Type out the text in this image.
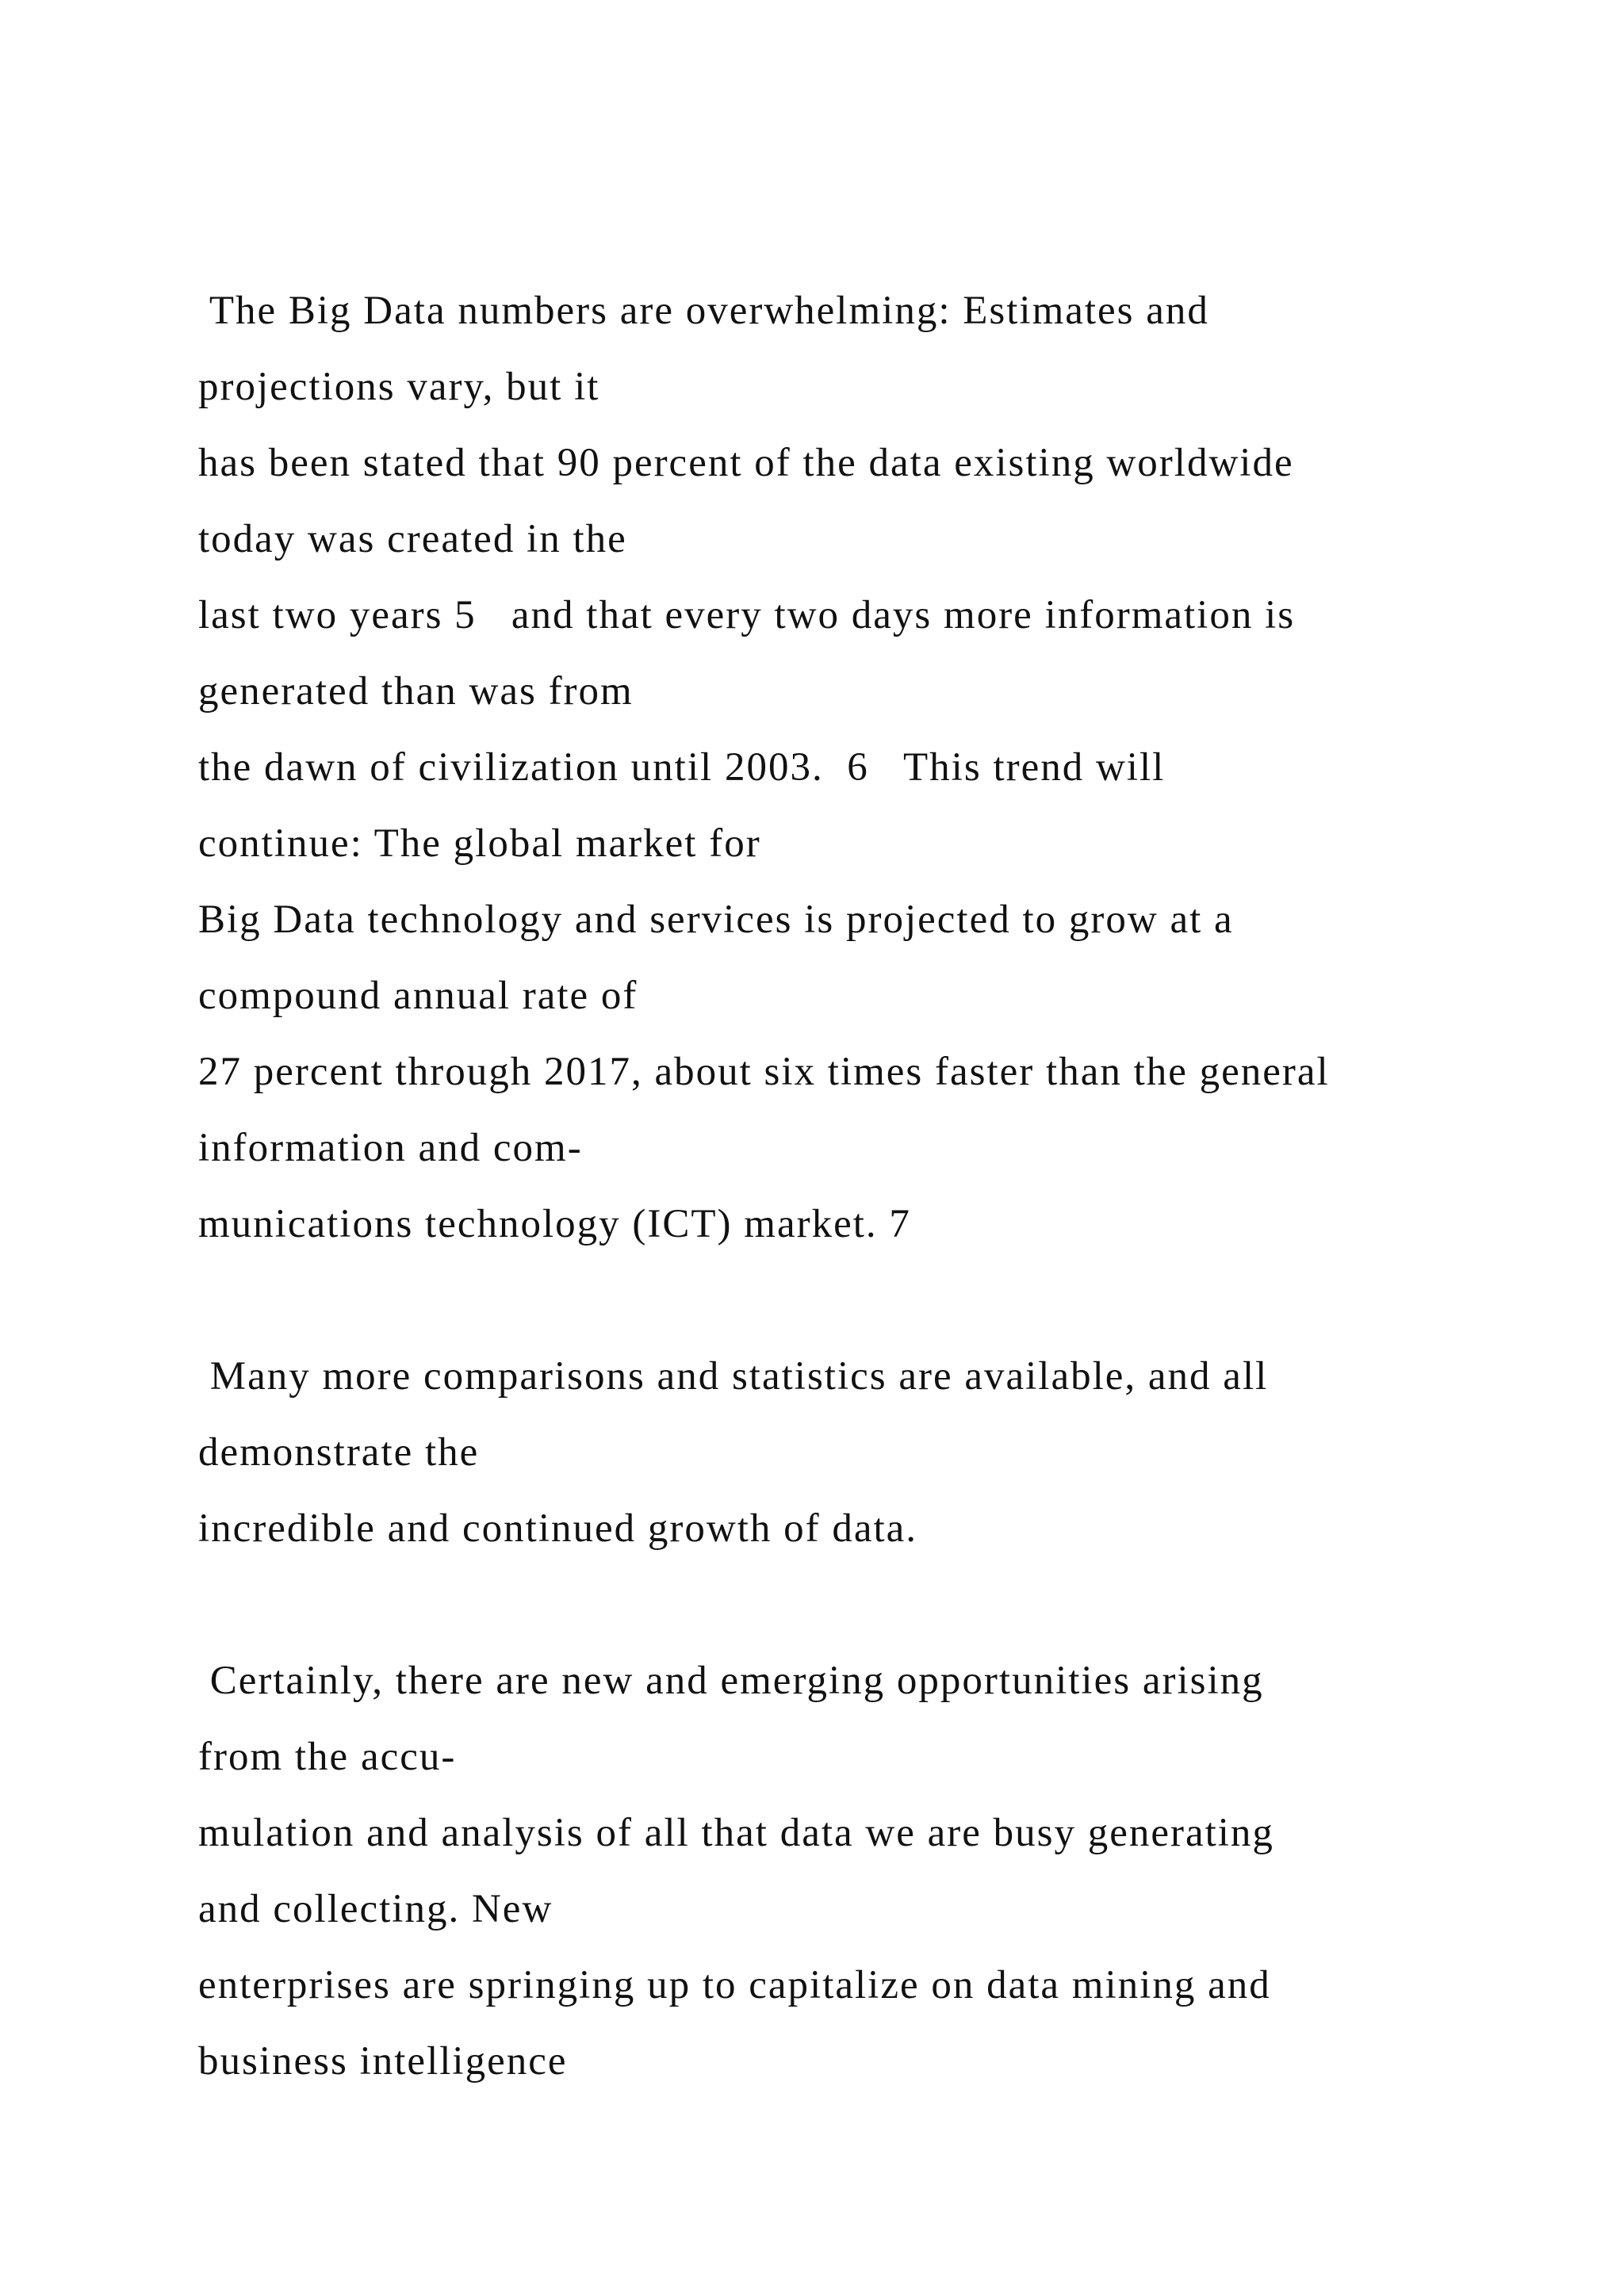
The Big Data numbers are overwhelming: Estimates and
projections vary, but it
has been stated that 90 percent of the data existing worldwide
today was created in the
last two years 5   and that every two days more information is
generated than was from
the dawn of civilization until 2003.  6   This trend will
continue: The global market for
Big Data technology and services is projected to grow at a
compound annual rate of
27 percent through 2017, about six times faster than the general
information and com-
munications technology (ICT) market. 7
Many more comparisons and statistics are available, and all
demonstrate the
incredible and continued growth of data.
Certainly, there are new and emerging opportunities arising
from the accu-
mulation and analysis of all that data we are busy generating
and collecting. New
enterprises are springing up to capitalize on data mining and
business intelligence
